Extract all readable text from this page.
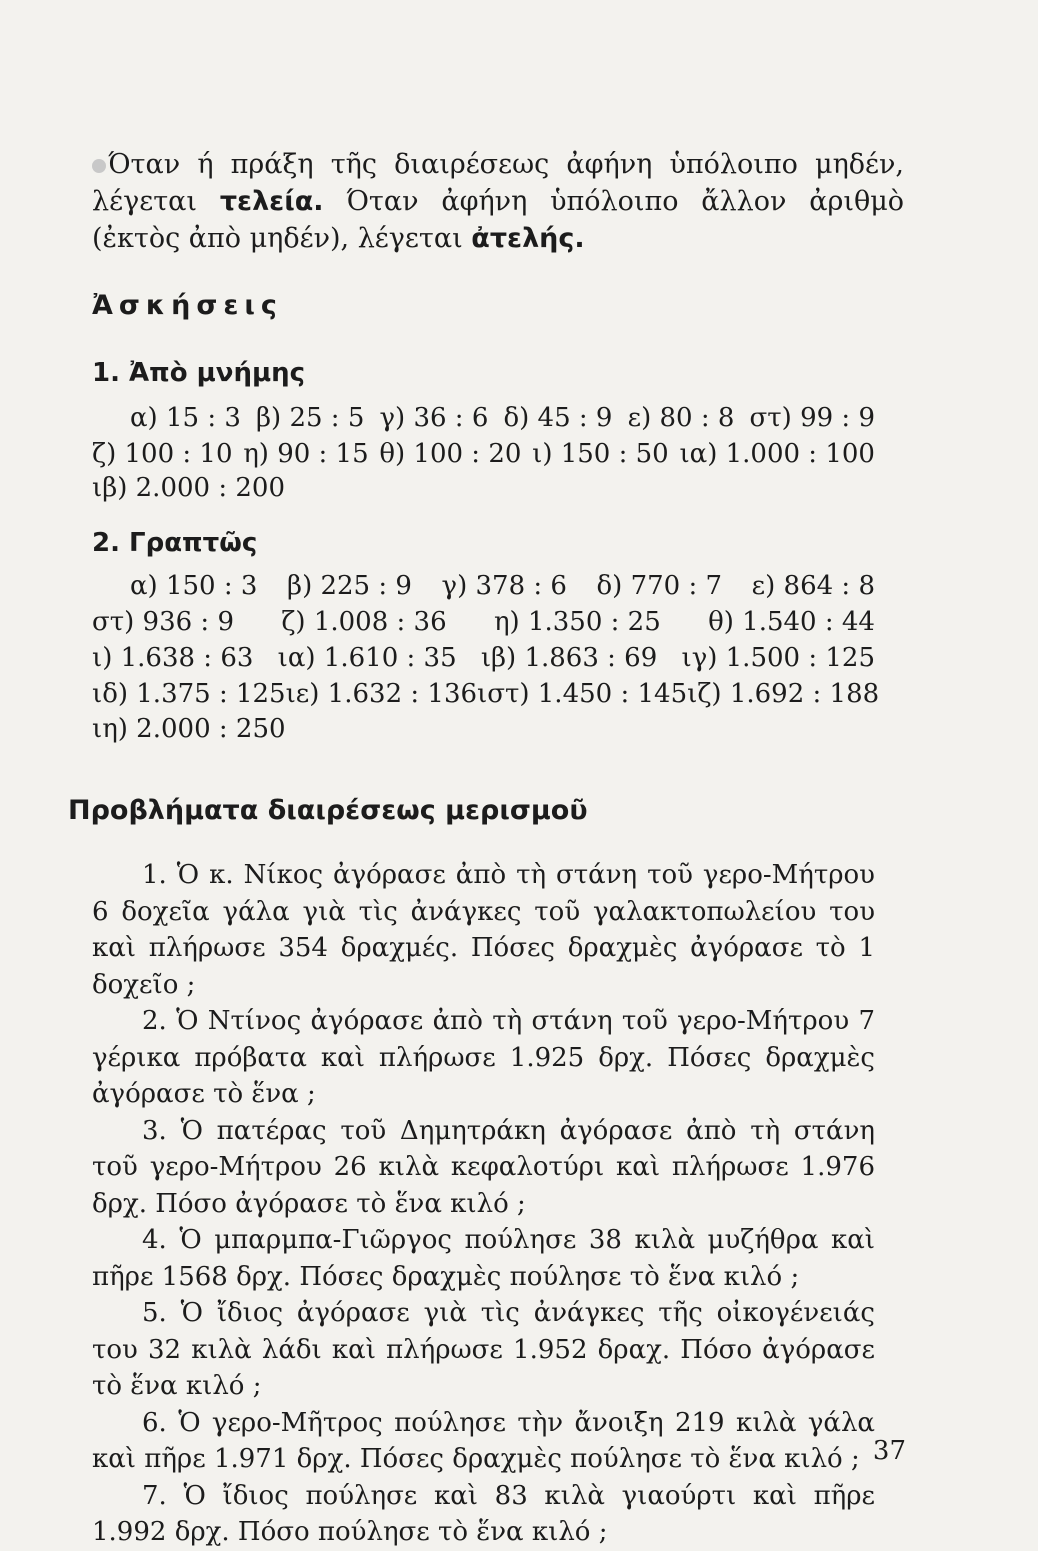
Όταν ή πράξη τῆς διαιρέσεως ἀφήνη ὑπόλοιπο μηδέν, λέγεται τελεία. Όταν ἀφήνη ὑπόλοιπο ἄλλον ἀριθμὸ (ἐκτὸς ἀπὸ μηδέν), λέγεται ἀτελής.
Ἀσκήσεις
1. Ἀπὸ μνήμης
α) 15 : 3 β) 25 : 5 γ) 36 : 6 δ) 45 : 9 ε) 80 : 8 στ) 99 : 9
ζ) 100 : 10 η) 90 : 15 θ) 100 : 20 ι) 150 : 50 ια) 1.000 : 100
ιβ) 2.000 : 200
2. Γραπτῶς
α) 150 : 3 β) 225 : 9 γ) 378 : 6 δ) 770 : 7 ε) 864 : 8
στ) 936 : 9 ζ) 1.008 : 36 η) 1.350 : 25 θ) 1.540 : 44
ι) 1.638 : 63 ια) 1.610 : 35 ιβ) 1.863 : 69 ιγ) 1.500 : 125
ιδ) 1.375 : 125 ιε) 1.632 : 136 ιστ) 1.450 : 145 ιζ) 1.692 : 188
ιη) 2.000 : 250
Προβλήματα διαιρέσεως μερισμοῦ

1. Ὁ κ. Νίκος ἀγόρασε ἀπὸ τὴ στάνη τοῦ γερο-Μήτρου 6 δοχεῖα γάλα γιὰ τὶς ἀνάγκες τοῦ γαλακτοπωλείου του καὶ πλήρωσε 354 δραχμές. Πόσες δραχμὲς ἀγόρασε τὸ 1 δοχεῖο ;

2. Ὁ Ντίνος ἀγόρασε ἀπὸ τὴ στάνη τοῦ γερο-Μήτρου 7 γέρικα πρόβατα καὶ πλήρωσε 1.925 δρχ. Πόσες δραχμὲς ἀγόρασε τὸ ἕνα ;

3. Ὁ πατέρας τοῦ Δημητράκη ἀγόρασε ἀπὸ τὴ στάνη τοῦ γερο-Μήτρου 26 κιλὰ κεφαλοτύρι καὶ πλήρωσε 1.976 δρχ. Πόσο ἀγόρασε τὸ ἕνα κιλό ;

4. Ὁ μπαρμπα-Γιῶργος πούλησε 38 κιλὰ μυζήθρα καὶ πῆρε 1568 δρχ. Πόσες δραχμὲς πούλησε τὸ ἕνα κιλό ;

5. Ὁ ἴδιος ἀγόρασε γιὰ τὶς ἀνάγκες τῆς οἰκογένειάς του 32 κιλὰ λάδι καὶ πλήρωσε 1.952 δραχ. Πόσο ἀγόρασε τὸ ἕνα κιλό ;

6. Ὁ γερο-Μῆτρος πούλησε τὴν ἄνοιξη 219 κιλὰ γάλα καὶ πῆρε 1.971 δρχ. Πόσες δραχμὲς πούλησε τὸ ἕνα κιλό ;

7. Ὁ ἴδιος πούλησε καὶ 83 κιλὰ γιαούρτι καὶ πῆρε 1.992 δρχ. Πόσο πούλησε τὸ ἕνα κιλό ;

37
